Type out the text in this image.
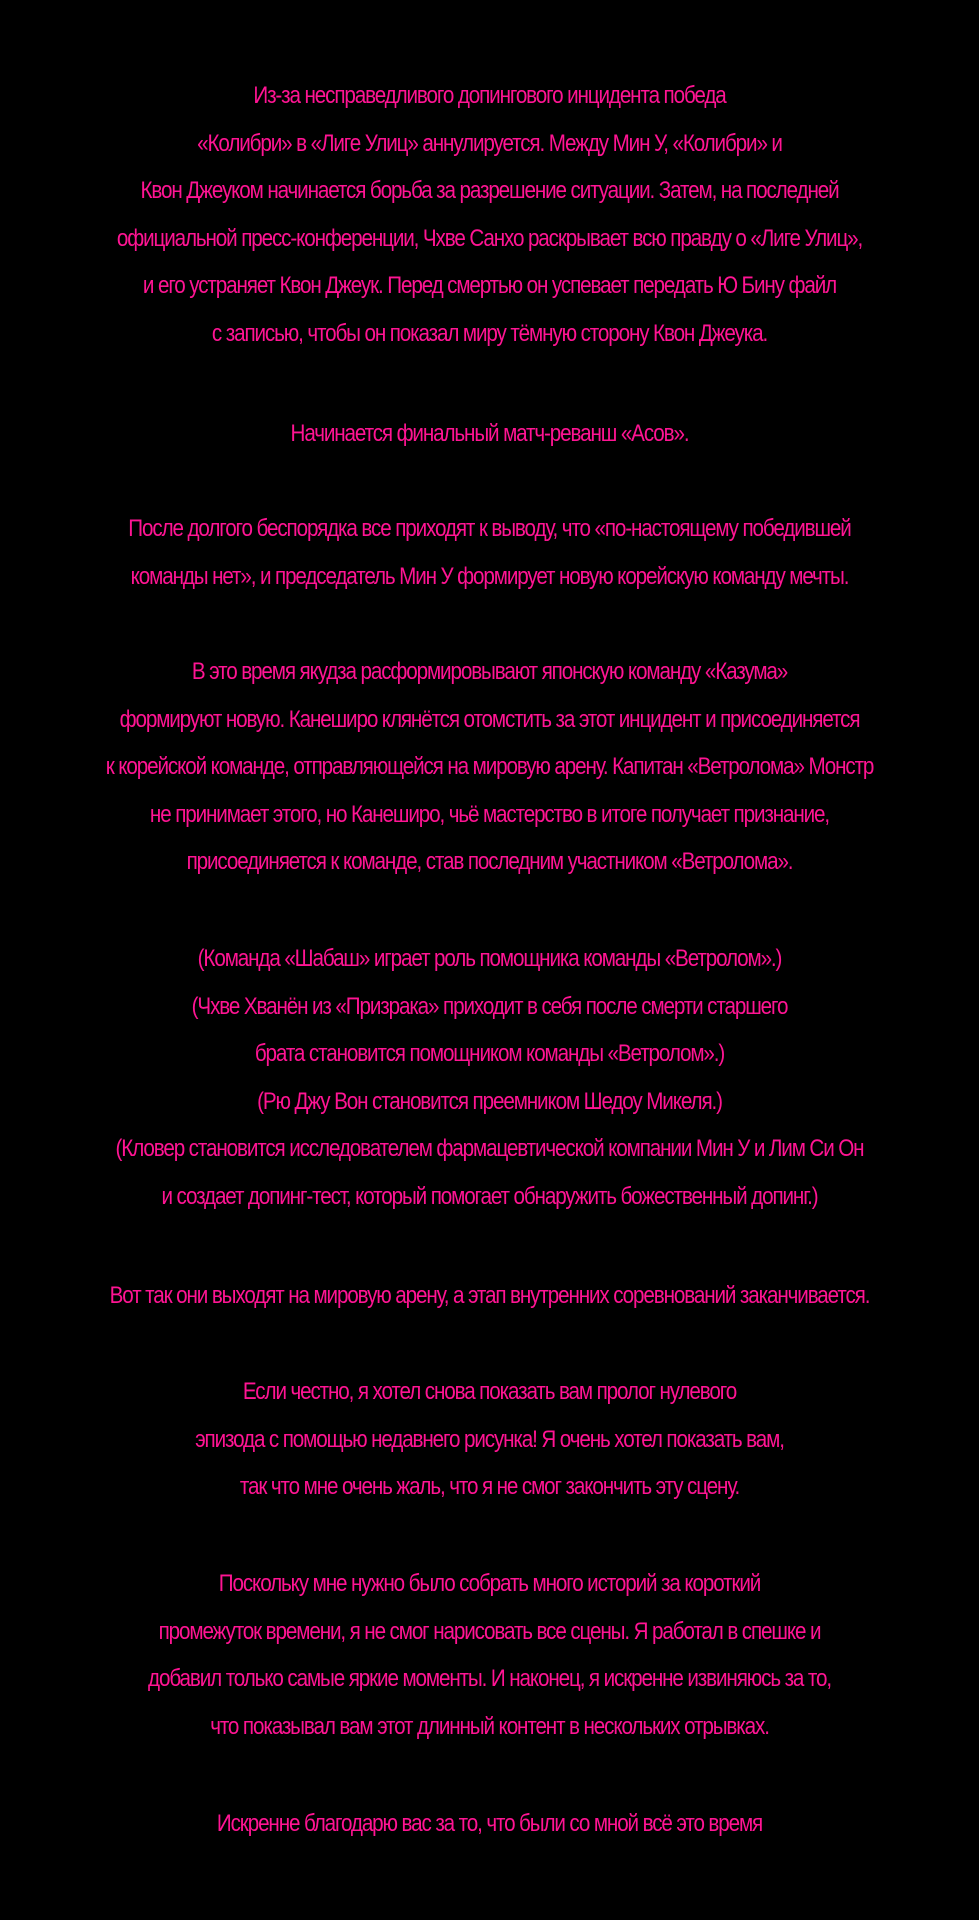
Из-за несправедливого допингового инцидента победа
«Колибри» в «Лиге Улиц» аннулируется. Между Мин У, «Колибри» и
Квон Джеуком начинается борьба за разрешение ситуации. Затем, на последней
официальной пресс-конференции, Чхве Санхо раскрывает всю правду о «Лиге Улиц»,
и его устраняет Квон Джеук. Перед смертью он успевает передать Ю Бину файл
с записью, чтобы он показал миру тёмную сторону Квон Джеука.
Начинается финальный матч-реванш «Асов».
После долгого беспорядка все приходят к выводу, что «по-настоящему победившей
команды нет», и председатель Мин У формирует новую корейскую команду мечты.
В это время якудза расформировывают японскую команду «Казума»
формируют новую. Канеширо клянётся отомстить за этот инцидент и присоединяется
к корейской команде, отправляющейся на мировую арену. Капитан «Ветролома» Монстр
не принимает этого, но Канеширо, чьё мастерство в итоге получает признание,
присоединяется к команде, став последним участником «Ветролома».
(Команда «Шабаш» играет роль помощника команды «Ветролом».)
(Чхве Хванён из «Призрака» приходит в себя после смерти старшего
брата становится помощником команды «Ветролом».)
(Рю Джу Вон становится преемником Шедоу Микеля.)
(Кловер становится исследователем фармацевтической компании Мин У и Лим Си Он
и создает допинг-тест, который помогает обнаружить божественный допинг.)
Вот так они выходят на мировую арену, а этап внутренних соревнований заканчивается.
Если честно, я хотел снова показать вам пролог нулевого
эпизода с помощью недавнего рисунка! Я очень хотел показать вам,
так что мне очень жаль, что я не смог закончить эту сцену.
Поскольку мне нужно было собрать много историй за короткий
промежуток времени, я не смог нарисовать все сцены. Я работал в спешке и
добавил только самые яркие моменты. И наконец, я искренне извиняюсь за то,
что показывал вам этот длинный контент в нескольких отрывках.
Искренне благодарю вас за то, что были со мной всё это время
